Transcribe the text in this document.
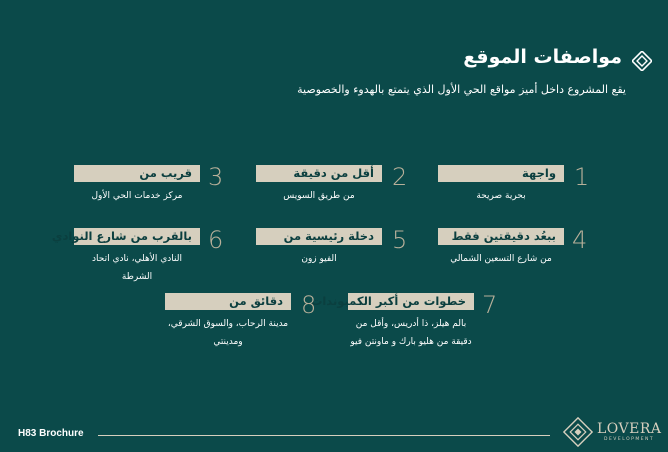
مواصفات الموقع
يقع المشروع داخل أميز مواقع الحي الأول الذي يتمتع بالهدوء والخصوصية
1
واجهة
بحرية صريحة
2
أقل من دقيقة
من طريق السويس
3
قريب من
مركز خدمات الحي الأول
4
ببعُد دقيقتين فقط
من شارع التسعين الشمالي
5
دخلة رئيسية من
الفيو زون
6
بالقرب من شارع النوادي
النادي الأهلي، نادي اتحاد
الشرطة
7
خطوات من أكبر الكمبوندات
بالم هيلز، ذا أدريس، وأقل من
دقيقة من هليو بارك و ماونتن فيو
8
دقائق من
مدينة الرحاب، والسوق الشرقي،
ومدينتي
H83 Brochure	LOVERA
DEVELOPMENT
